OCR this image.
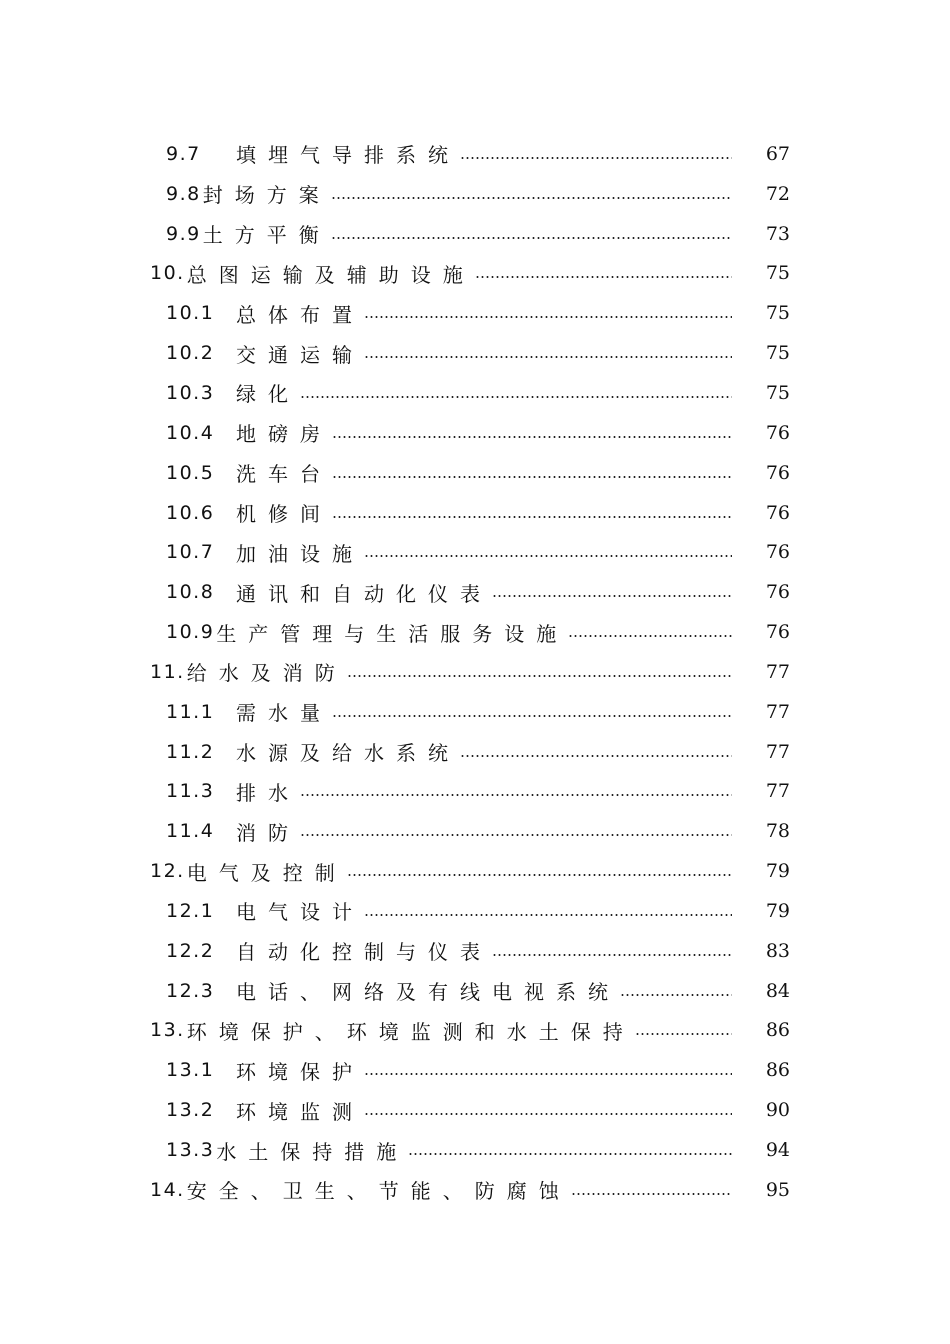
9.7	填埋气导排系统	67
9.8 封场方案	72
9.9 土方平衡	73
10. 总图运输及辅助设施	75
10.1	总体布置	75
10.2	交通运输	75
10.3	绿化	75
10.4	地磅房	76
10.5	洗车台	76
10.6	机修间	76
10.7	加油设施	76
10.8	通讯和自动化仪表	76
10.9 生产管理与生活服务设施	76
11. 给水及消防	77
11.1	需水量	77
11.2	水源及给水系统	77
11.3	排水	77
11.4	消防	78
12. 电气及控制	79
12.1	电气设计	79
12.2	自动化控制与仪表	83
12.3	电话、网络及有线电视系统	84
13. 环境保护、环境监测和水土保持	86
13.1	环境保护	86
13.2	环境监测	90
13.3 水土保持措施	94
14. 安全、卫生、节能、防腐蚀	95
